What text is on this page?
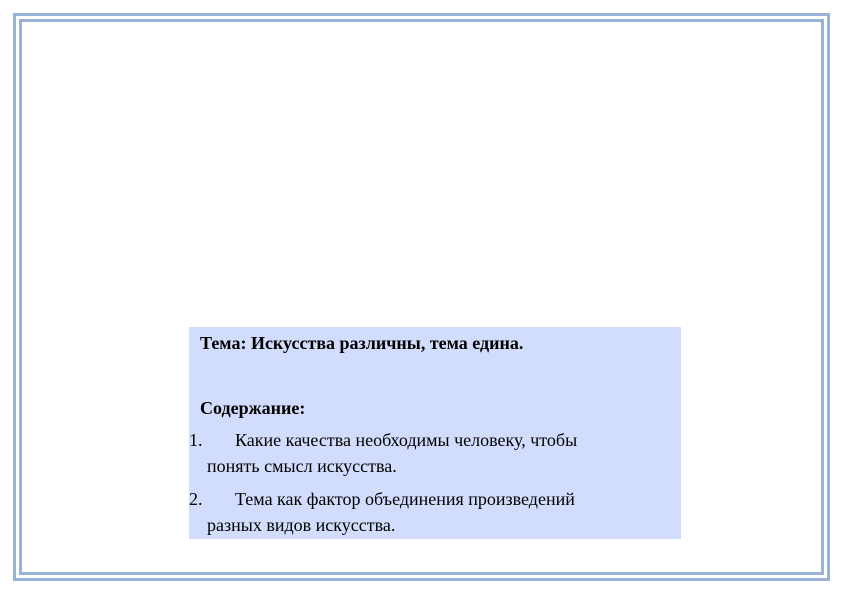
Тема: Искусства различны, тема едина.
Содержание:
1. Какие качества необходимы человеку, чтобы
понять смысл искусства.
2. Тема как фактор объединения произведений
разных видов искусства.
